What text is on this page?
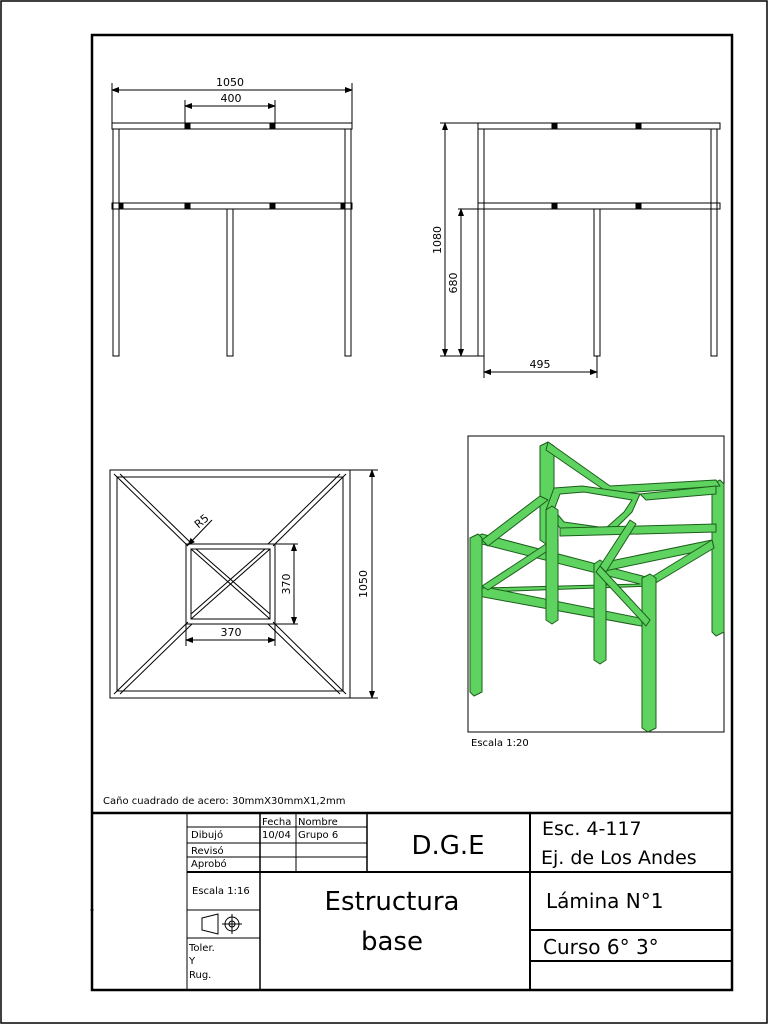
1050
400
1080
680
495
R5
370
370
1050
Escala 1:20
Caño cuadrado de acero: 30mmX30mmX1,2mm
Dibujó
Revisó
Aprobó
Fecha Nombre
10/04 Grupo 6	D.G.E
Esc. 4-117
Ej. de Los Andes
Escala 1:16	Estructura
base
Lámina N°1
Curso 6° 3°
Toler.
Y
Rug.
